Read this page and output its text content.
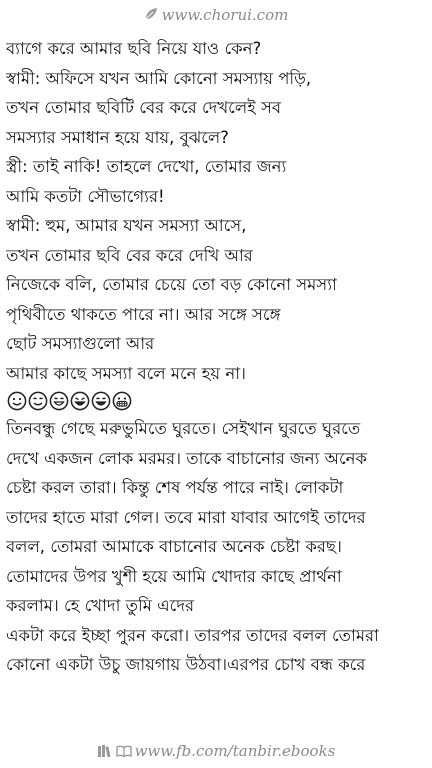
www.chorui.com
ব্যাগে করে আমার ছবি নিয়ে যাও কেন?
স্বামী: অফিসে যখন আমি কোনো সমস্যায় পড়ি,
তখন তোমার ছবিটি বের করে দেখলেই সব
সমস্যার সমাধান হয়ে যায়, বুঝলে?
স্ত্রী: তাই নাকি! তাহলে দেখো, তোমার জন্য
আমি কতটা সৌভাগ্যের!
স্বামী: হুম, আমার যখন সমস্যা আসে,
তখন তোমার ছবি বের করে দেখি আর
নিজেকে বলি, তোমার চেয়ে তো বড় কোনো সমস্যা
পৃথিবীতে থাকতে পারে না। আর সঙ্গে সঙ্গে
ছোট সমস্যাগুলো আর
আমার কাছে সমস্যা বলে মনে হয় না।
তিনবন্ধু গেছে মরুভুমিতে ঘুরতে। সেইখান ঘুরতে ঘুরতে
দেখে একজন লোক মরমর। তাকে বাচানোর জন্য অনেক
চেষ্টা করল তারা। কিন্তু শেষ পর্যন্ত পারে নাই। লোকটা
তাদের হাতে মারা গেল। তবে মারা যাবার আগেই তাদের
বলল, তোমরা আমাকে বাচানোর অনেক চেষ্টা করছ।
তোমাদের উপর খুশী হয়ে আমি খোদার কাছে প্রার্থনা
করলাম। হে খোদা তুমি এদের
একটা করে ইচ্ছা পুরন করো। তারপর তাদের বলল তোমরা
কোনো একটা উচু জায়গায় উঠবা।এরপর চোখ বন্ধ করে
www.fb.com/tanbir.ebooks
